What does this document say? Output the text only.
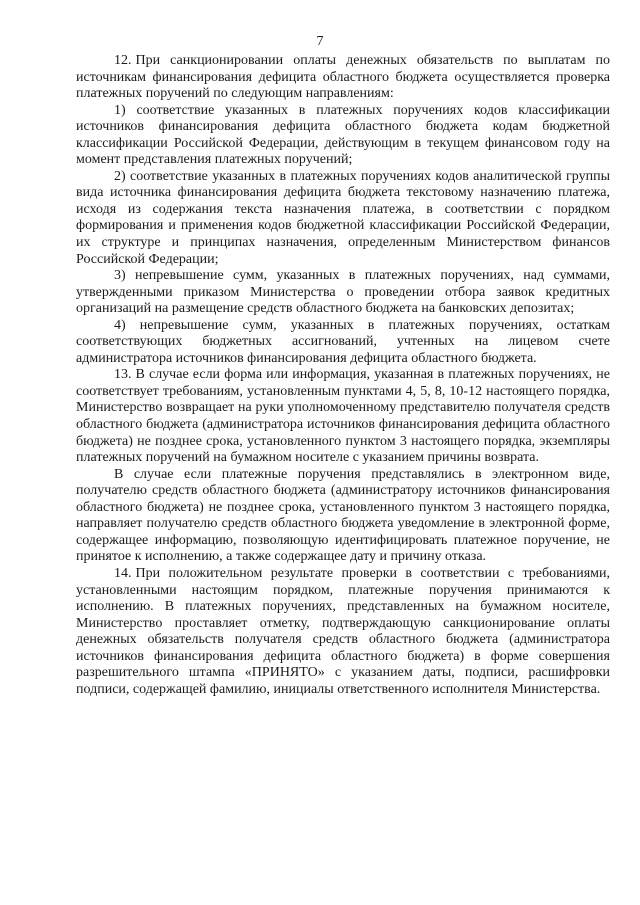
7

12. При санкционировании оплаты денежных обязательств по выплатам по источникам финансирования дефицита областного бюджета осуществляется проверка платежных поручений по следующим направлениям:

1) соответствие указанных в платежных поручениях кодов классификации источников финансирования дефицита областного бюджета кодам бюджетной классификации Российской Федерации, действующим в текущем финансовом году на момент представления платежных поручений;

2) соответствие указанных в платежных поручениях кодов аналитической группы вида источника финансирования дефицита бюджета текстовому назначению платежа, исходя из содержания текста назначения платежа, в соответствии с порядком формирования и применения кодов бюджетной классификации Российской Федерации, их структуре и принципах назначения, определенным Министерством финансов Российской Федерации;

3) непревышение сумм, указанных в платежных поручениях, над суммами, утвержденными приказом Министерства о проведении отбора заявок кредитных организаций на размещение средств областного бюджета на банковских депозитах;

4) непревышение сумм, указанных в платежных поручениях, остаткам соответствующих бюджетных ассигнований, учтенных на лицевом счете администратора источников финансирования дефицита областного бюджета.

13. В случае если форма или информация, указанная в платежных поручениях, не соответствует требованиям, установленным пунктами 4, 5, 8, 10-12 настоящего порядка, Министерство возвращает на руки уполномоченному представителю получателя средств областного бюджета (администратора источников финансирования дефицита областного бюджета) не позднее срока, установленного пунктом 3 настоящего порядка, экземпляры платежных поручений на бумажном носителе с указанием причины возврата.

В случае если платежные поручения представлялись в электронном виде, получателю средств областного бюджета (администратору источников финансирования областного бюджета) не позднее срока, установленного пунктом 3 настоящего порядка, направляет получателю средств областного бюджета уведомление в электронной форме, содержащее информацию, позволяющую идентифицировать платежное поручение, не принятое к исполнению, а также содержащее дату и причину отказа.

14. При положительном результате проверки в соответствии с требованиями, установленными настоящим порядком, платежные поручения принимаются к исполнению. В платежных поручениях, представленных на бумажном носителе, Министерство проставляет отметку, подтверждающую санкционирование оплаты денежных обязательств получателя средств областного бюджета (администратора источников финансирования дефицита областного бюджета) в форме совершения разрешительного штампа «ПРИНЯТО» с указанием даты, подписи, расшифровки подписи, содержащей фамилию, инициалы ответственного исполнителя Министерства.
